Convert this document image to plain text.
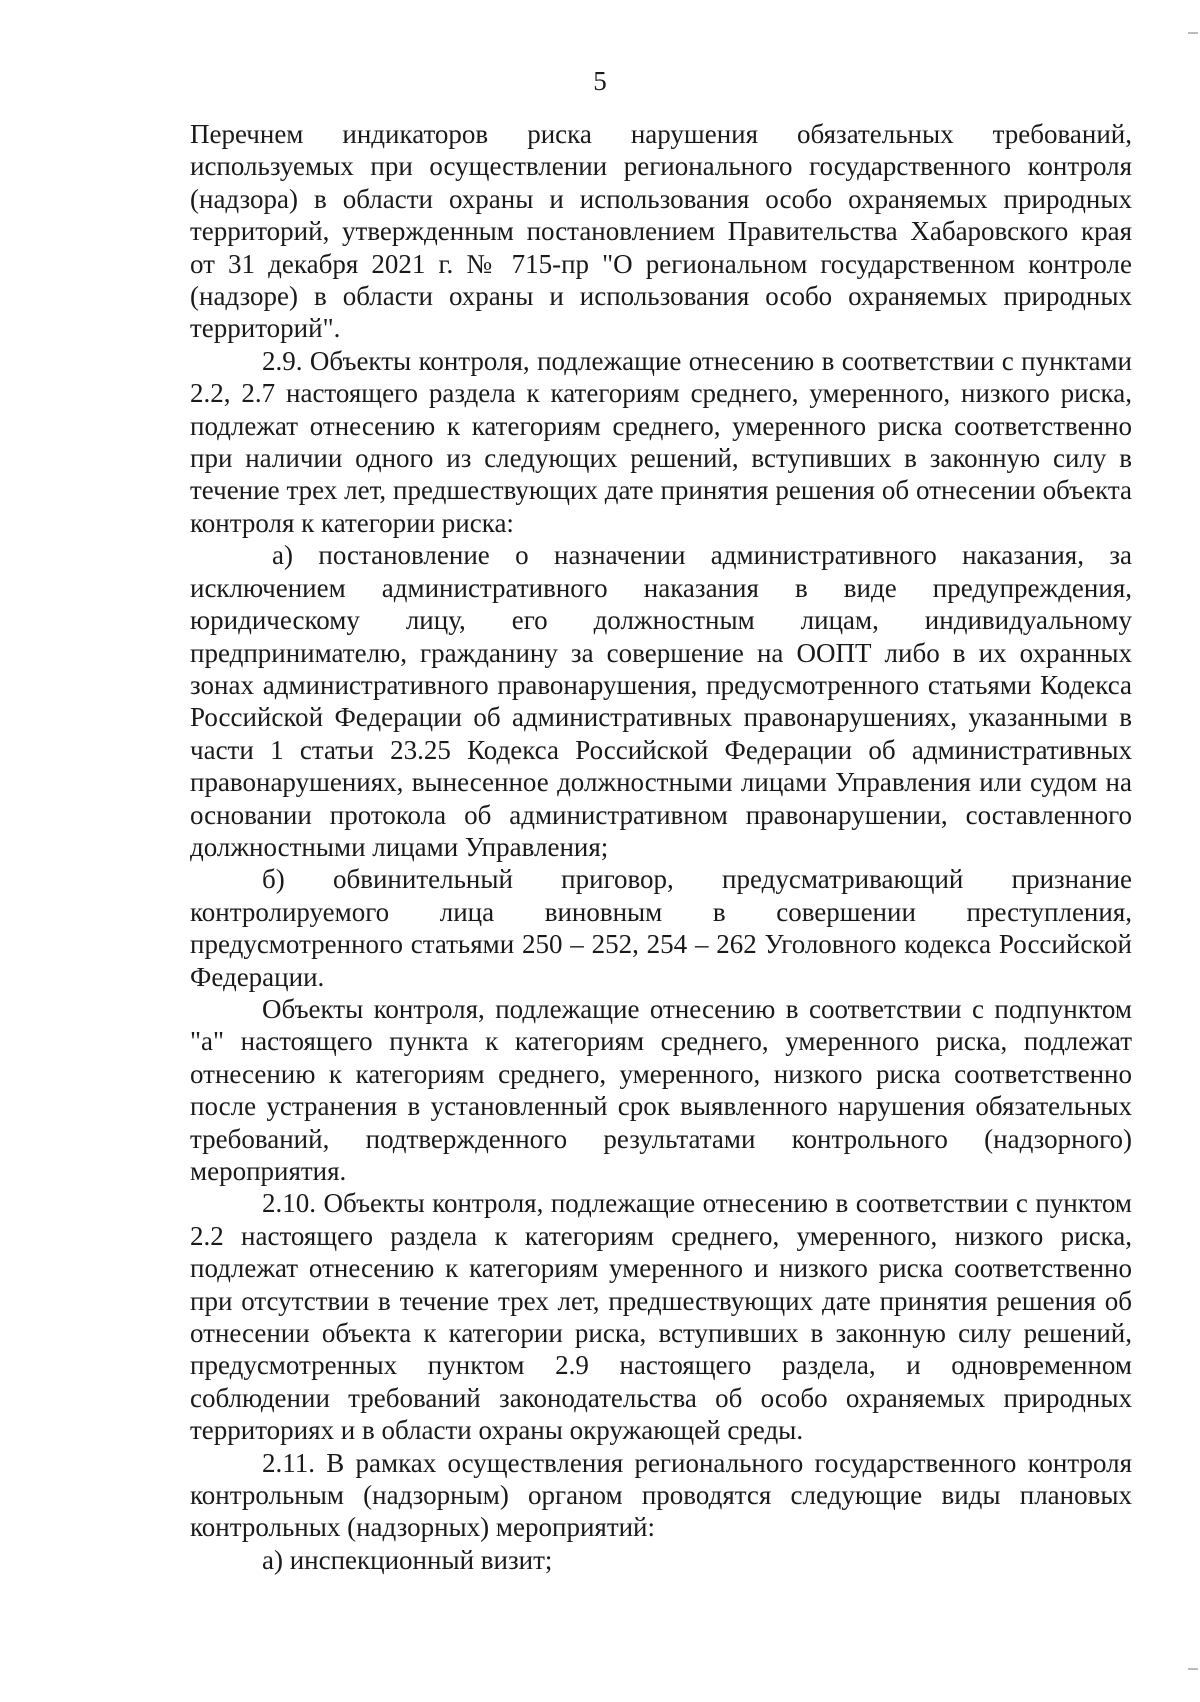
5

Перечнем индикаторов риска нарушения обязательных требований, используемых при осуществлении регионального государственного контроля (надзора) в области охраны и использования особо охраняемых природных территорий, утвержденным постановлением Правительства Хабаровского края от 31 декабря 2021 г. № 715-пр "О региональном государственном контроле (надзоре) в области охраны и использования особо охраняемых природных территорий".

2.9. Объекты контроля, подлежащие отнесению в соответствии с пунктами 2.2, 2.7 настоящего раздела к категориям среднего, умеренного, низкого риска, подлежат отнесению к категориям среднего, умеренного риска соответственно при наличии одного из следующих решений, вступивших в законную силу в течение трех лет, предшествующих дате принятия решения об отнесении объекта контроля к категории риска:

а) постановление о назначении административного наказания, за исключением административного наказания в виде предупреждения, юридическому лицу, его должностным лицам, индивидуальному предпринимателю, гражданину за совершение на ООПТ либо в их охранных зонах административного правонарушения, предусмотренного статьями Кодекса Российской Федерации об административных правонарушениях, указанными в части 1 статьи 23.25 Кодекса Российской Федерации об административных правонарушениях, вынесенное должностными лицами Управления или судом на основании протокола об административном правонарушении, составленного должностными лицами Управления;

б) обвинительный приговор, предусматривающий признание контролируемого лица виновным в совершении преступления, предусмотренного статьями 250 – 252, 254 – 262 Уголовного кодекса Российской Федерации.

Объекты контроля, подлежащие отнесению в соответствии с подпунктом "а" настоящего пункта к категориям среднего, умеренного риска, подлежат отнесению к категориям среднего, умеренного, низкого риска соответственно после устранения в установленный срок выявленного нарушения обязательных требований, подтвержденного результатами контрольного (надзорного) мероприятия.

2.10. Объекты контроля, подлежащие отнесению в соответствии с пунктом 2.2 настоящего раздела к категориям среднего, умеренного, низкого риска, подлежат отнесению к категориям умеренного и низкого риска соответственно при отсутствии в течение трех лет, предшествующих дате принятия решения об отнесении объекта к категории риска, вступивших в законную силу решений, предусмотренных пунктом 2.9 настоящего раздела, и одновременном соблюдении требований законодательства об особо охраняемых природных территориях и в области охраны окружающей среды.

2.11. В рамках осуществления регионального государственного контроля контрольным (надзорным) органом проводятся следующие виды плановых контрольных (надзорных) мероприятий:

а) инспекционный визит;
